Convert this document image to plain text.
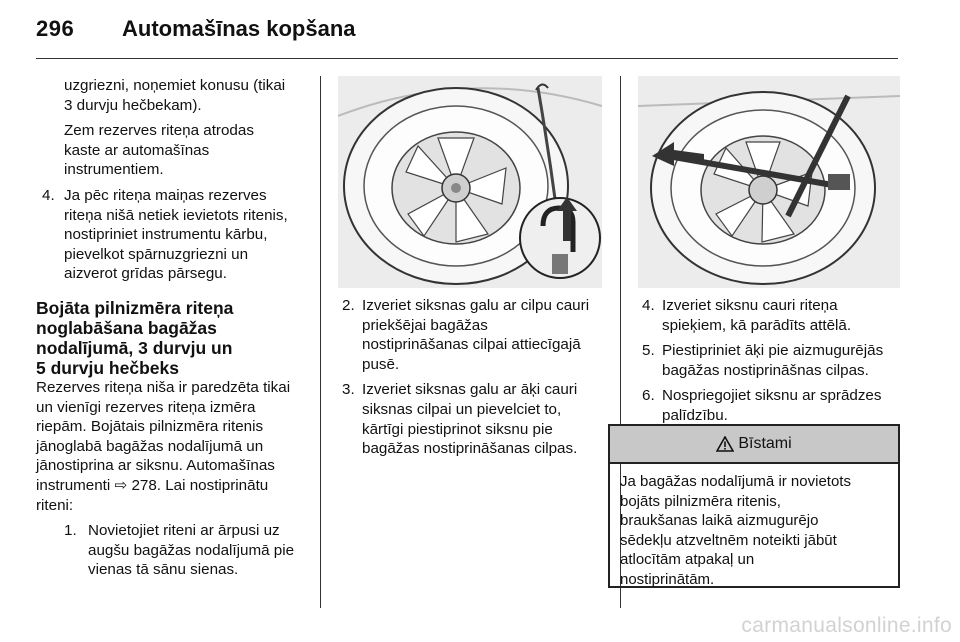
296 Automašīnas kopšana

uzgriezni, noņemiet konusu (tikai
3 durvju hečbekam).

Zem rezerves riteņa atrodas
kaste ar automašīnas
instrumentiem.

4. Ja pēc riteņa maiņas rezerves
riteņa nišā netiek ievietots ritenis,
nostipriniet instrumentu kārbu,
pievelkot spārnuzgriezni un
aizverot grīdas pārsegu.
Bojāta pilnizmēra riteņa
noglabāšana bagāžas
nodalījumā, 3 durvju un
5 durvju hečbeks

Rezerves riteņa niša ir paredzēta tikai
un vienīgi rezerves riteņa izmēra
riepām. Bojātais pilnizmēra ritenis
jānoglabā bagāžas nodalījumā un
jānostiprina ar siksnu. Automašīnas
instrumenti ⇨ 278. Lai nostiprinātu
riteni:

1. Novietojiet riteni ar ārpusi uz
augšu bagāžas nodalījumā pie
vienas tā sānu sienas.
2. Izveriet siksnas galu ar cilpu cauri
priekšējai bagāžas
nostiprināšanas cilpai attiecīgajā
pusē.
3. Izveriet siksnas galu ar āķi cauri
siksnas cilpai un pievelciet to,
kārtīgi piestiprinot siksnu pie
bagāžas nostiprināšanas cilpas.
4. Izveriet siksnu cauri riteņa
spieķiem, kā parādīts attēlā.
5. Piestipriniet āķi pie aizmugurējās
bagāžas nostiprināšnas cilpas.
6. Nospriegojiet siksnu ar sprādzes
palīdzību.
Bīstami
Ja bagāžas nodalījumā ir novietots
bojāts pilnizmēra ritenis,
braukšanas laikā aizmugurējo
sēdekļu atzveltnēm noteikti jābūt
atlocītām atpakaļ un
nostiprinātām.
carmanualsonline.info
